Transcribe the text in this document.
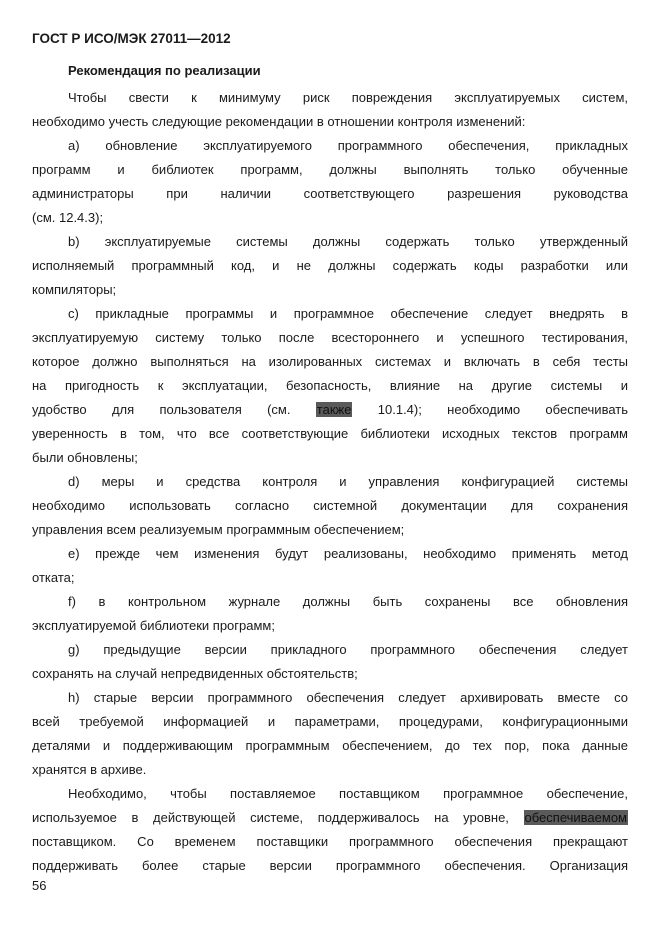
ГОСТ Р ИСО/МЭК 27011—2012
Рекомендация по реализации
Чтобы свести к минимуму риск повреждения эксплуатируемых систем,
необходимо учесть следующие рекомендации в отношении контроля изменений:
a) обновление эксплуатируемого программного обеспечения, прикладных
программ и библиотек программ, должны выполнять только обученные
администраторы при наличии соответствующего разрешения руководства
(см. 12.4.3);
b) эксплуатируемые системы должны содержать только утвержденный
исполняемый программный код, и не должны содержать коды разработки или
компиляторы;
c) прикладные программы и программное обеспечение следует внедрять в
эксплуатируемую систему только после всестороннего и успешного тестирования,
которое должно выполняться на изолированных системах и включать в себя тесты
на пригодность к эксплуатации, безопасность, влияние на другие системы и
удобство для пользователя (см. также 10.1.4); необходимо обеспечивать
уверенность в том, что все соответствующие библиотеки исходных текстов программ
были обновлены;
d) меры и средства контроля и управления конфигурацией системы
необходимо использовать согласно системной документации для сохранения
управления всем реализуемым программным обеспечением;
e) прежде чем изменения будут реализованы, необходимо применять метод
отката;
f) в контрольном журнале должны быть сохранены все обновления
эксплуатируемой библиотеки программ;
g) предыдущие версии прикладного программного обеспечения следует
сохранять на случай непредвиденных обстоятельств;
h) старые версии программного обеспечения следует архивировать вместе со
всей требуемой информацией и параметрами, процедурами, конфигурационными
деталями и поддерживающим программным обеспечением, до тех пор, пока данные
хранятся в архиве.
Необходимо, чтобы поставляемое поставщиком программное обеспечение,
используемое в действующей системе, поддерживалось на уровне, обеспечиваемом
поставщиком. Со временем поставщики программного обеспечения прекращают
поддерживать более старые версии программного обеспечения. Организация
56
